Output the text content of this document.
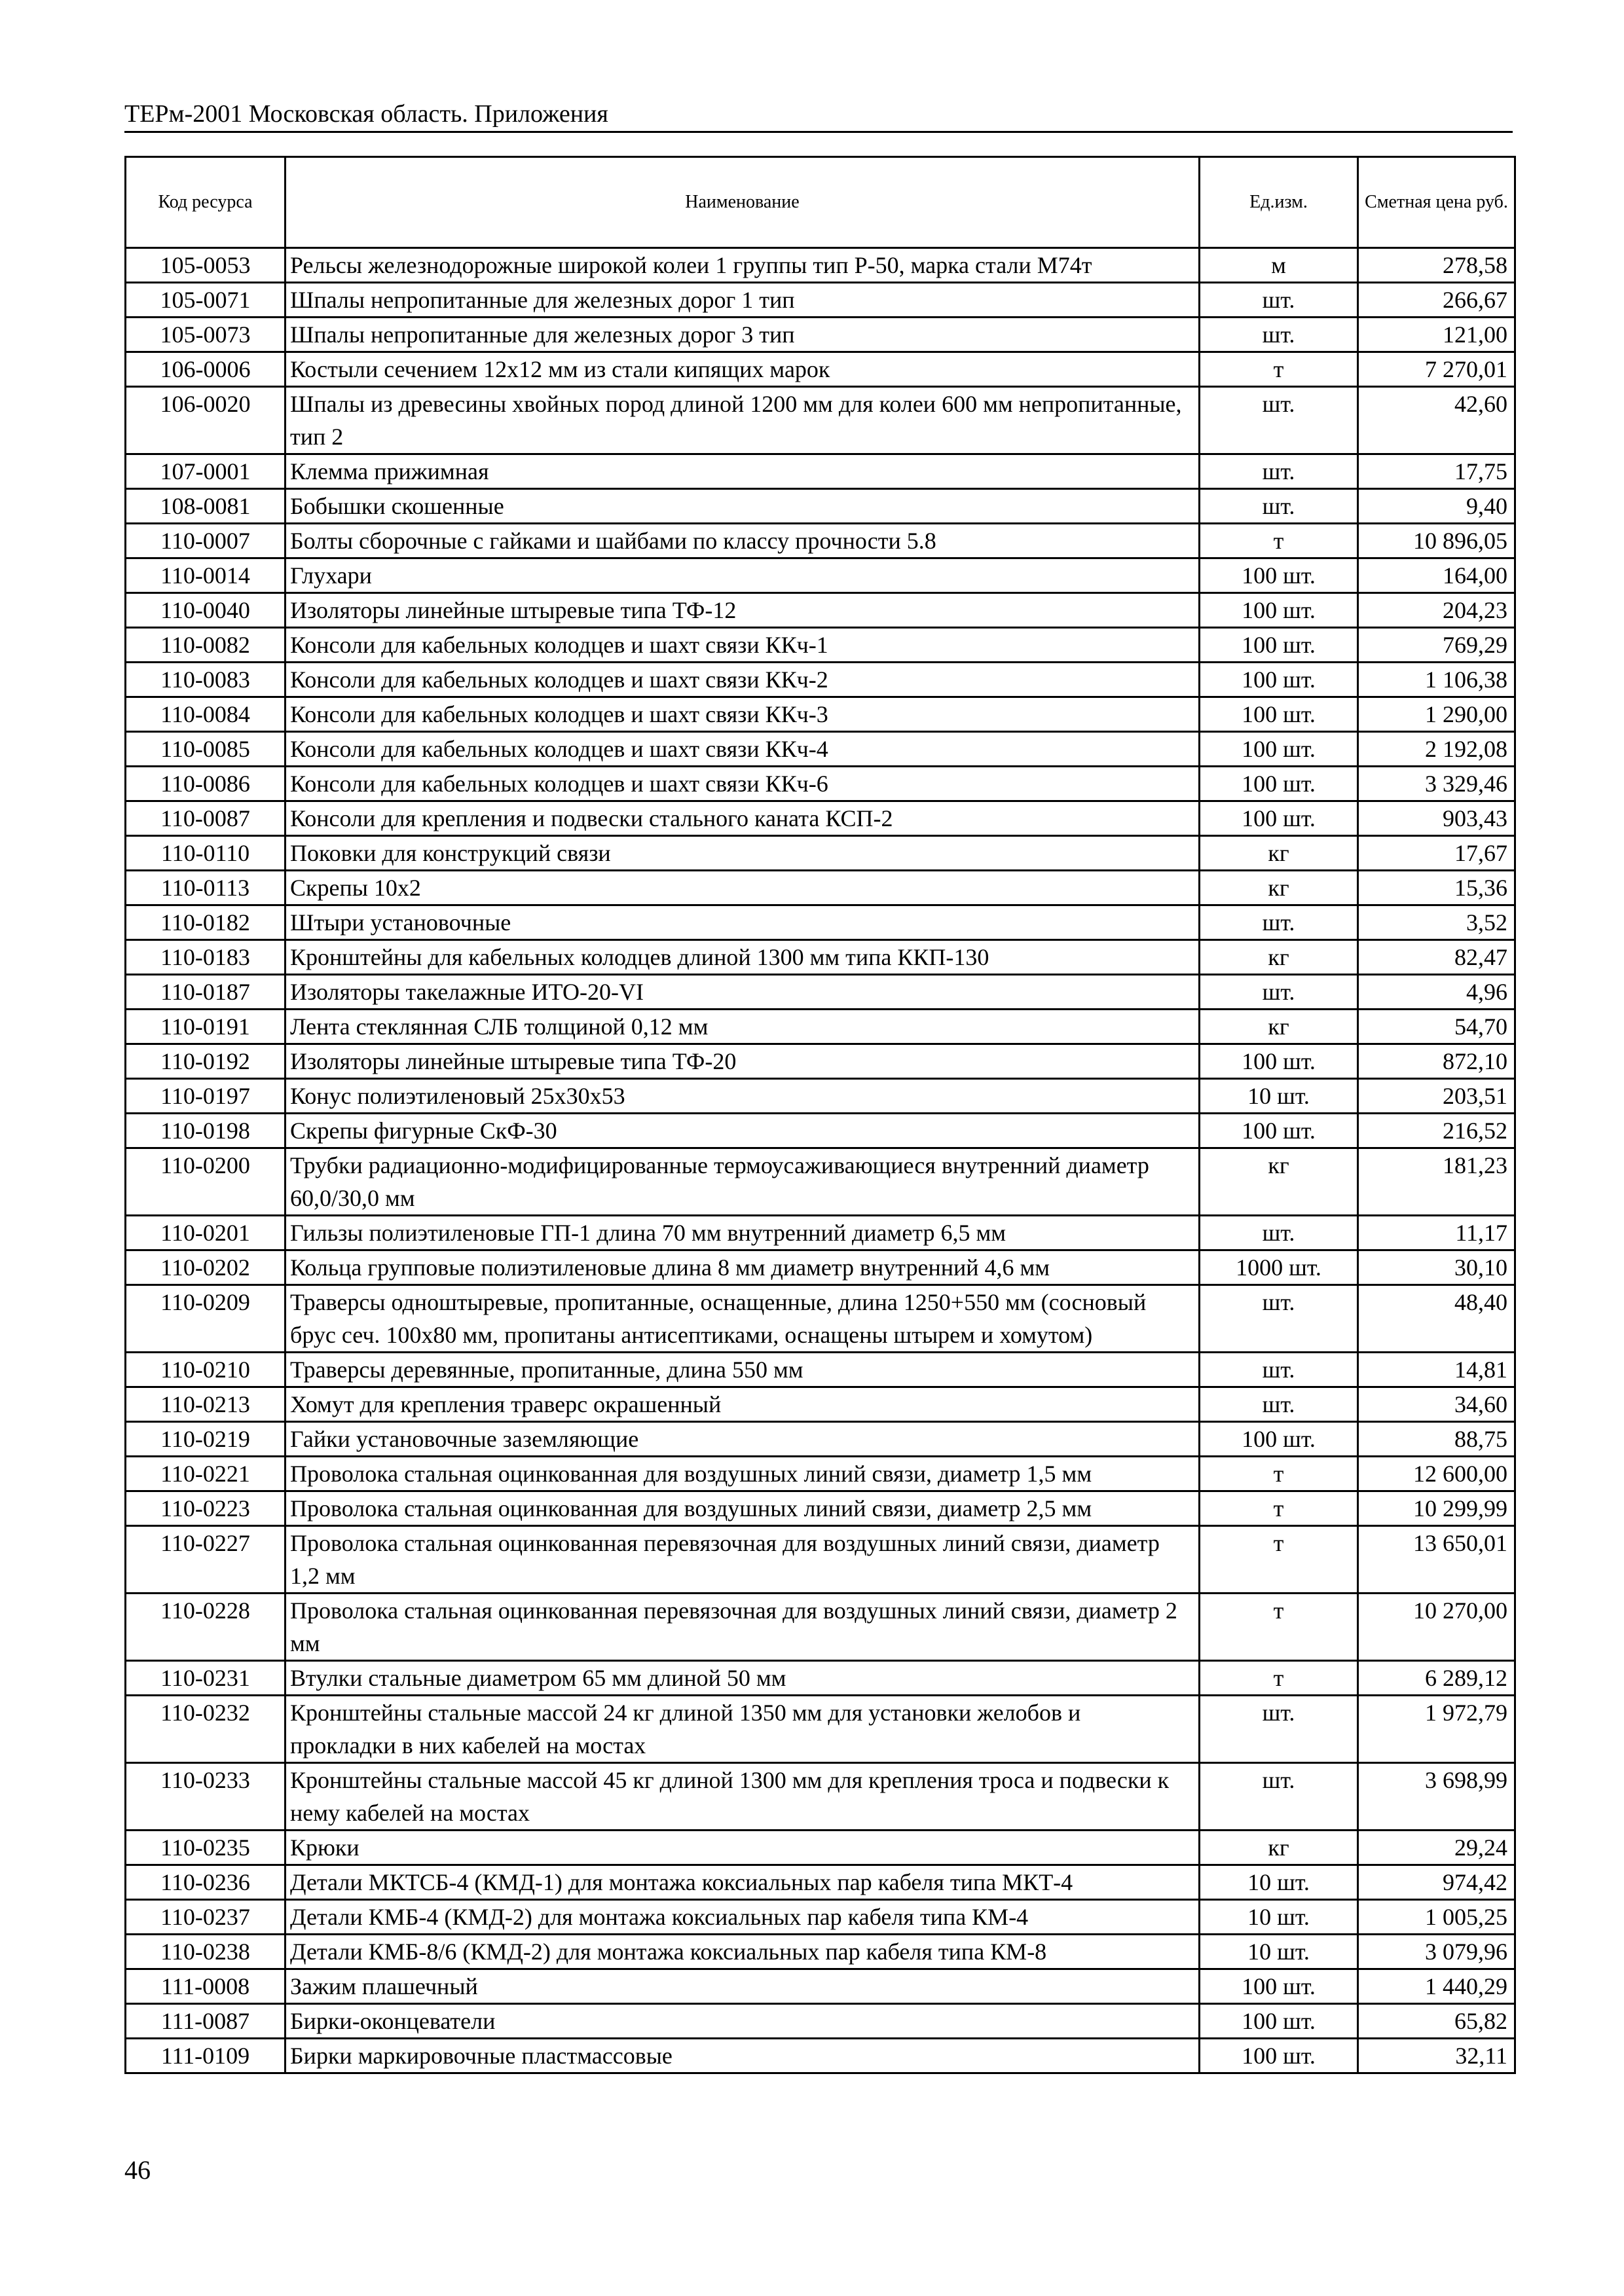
ТЕРм-2001 Московская область. Приложения
Код ресурса	Наименование	Ед.изм.	Сметная цена руб.
105-0053	Рельсы железнодорожные широкой колеи 1 группы тип Р-50, марка стали М74т	м	278,58
105-0071	Шпалы непропитанные для железных дорог 1 тип	шт.	266,67
105-0073	Шпалы непропитанные для железных дорог 3 тип	шт.	121,00
106-0006	Костыли сечением 12x12 мм из стали кипящих марок	т	7 270,01
106-0020	Шпалы из древесины хвойных пород длиной 1200 мм для колеи 600 мм непропитанные, тип 2	шт.	42,60
107-0001	Клемма прижимная	шт.	17,75
108-0081	Бобышки скошенные	шт.	9,40
110-0007	Болты сборочные с гайками и шайбами по классу прочности 5.8	т	10 896,05
110-0014	Глухари	100 шт.	164,00
110-0040	Изоляторы линейные штыревые типа ТФ-12	100 шт.	204,23
110-0082	Консоли для кабельных колодцев и шахт связи ККч-1	100 шт.	769,29
110-0083	Консоли для кабельных колодцев и шахт связи ККч-2	100 шт.	1 106,38
110-0084	Консоли для кабельных колодцев и шахт связи ККч-3	100 шт.	1 290,00
110-0085	Консоли для кабельных колодцев и шахт связи ККч-4	100 шт.	2 192,08
110-0086	Консоли для кабельных колодцев и шахт связи ККч-6	100 шт.	3 329,46
110-0087	Консоли для крепления и подвески стального каната КСП-2	100 шт.	903,43
110-0110	Поковки для конструкций связи	кг	17,67
110-0113	Скрепы 10x2	кг	15,36
110-0182	Штыри установочные	шт.	3,52
110-0183	Кронштейны для кабельных колодцев длиной 1300 мм типа ККП-130	кг	82,47
110-0187	Изоляторы такелажные ИТО-20-VI	шт.	4,96
110-0191	Лента стеклянная СЛБ толщиной 0,12 мм	кг	54,70
110-0192	Изоляторы линейные штыревые типа ТФ-20	100 шт.	872,10
110-0197	Конус полиэтиленовый 25x30x53	10 шт.	203,51
110-0198	Скрепы фигурные СкФ-30	100 шт.	216,52
110-0200	Трубки радиационно-модифицированные термоусаживающиеся внутренний диаметр 60,0/30,0 мм	кг	181,23
110-0201	Гильзы полиэтиленовые ГП-1 длина 70 мм внутренний диаметр 6,5 мм	шт.	11,17
110-0202	Кольца групповые полиэтиленовые длина 8 мм диаметр внутренний 4,6 мм	1000 шт.	30,10
110-0209	Траверсы одноштыревые, пропитанные, оснащенные, длина 1250+550 мм (сосновый брус сеч. 100x80 мм, пропитаны антисептиками, оснащены штырем и хомутом)	шт.	48,40
110-0210	Траверсы деревянные, пропитанные, длина 550 мм	шт.	14,81
110-0213	Хомут для крепления траверс окрашенный	шт.	34,60
110-0219	Гайки установочные заземляющие	100 шт.	88,75
110-0221	Проволока стальная оцинкованная для воздушных линий связи, диаметр 1,5 мм	т	12 600,00
110-0223	Проволока стальная оцинкованная для воздушных линий связи, диаметр 2,5 мм	т	10 299,99
110-0227	Проволока стальная оцинкованная перевязочная для воздушных линий связи, диаметр 1,2 мм	т	13 650,01
110-0228	Проволока стальная оцинкованная перевязочная для воздушных линий связи, диаметр 2 мм	т	10 270,00
110-0231	Втулки стальные диаметром 65 мм длиной 50 мм	т	6 289,12
110-0232	Кронштейны стальные массой 24 кг длиной 1350 мм для установки желобов и прокладки в них кабелей на мостах	шт.	1 972,79
110-0233	Кронштейны стальные массой 45 кг длиной 1300 мм для крепления троса и подвески к нему кабелей на мостах	шт.	3 698,99
110-0235	Крюки	кг	29,24
110-0236	Детали МКТСБ-4 (КМД-1) для монтажа коксиальных пар кабеля типа МКТ-4	10 шт.	974,42
110-0237	Детали КМБ-4 (КМД-2) для монтажа коксиальных пар кабеля типа КМ-4	10 шт.	1 005,25
110-0238	Детали КМБ-8/6 (КМД-2) для монтажа коксиальных пар кабеля типа КМ-8	10 шт.	3 079,96
111-0008	Зажим плашечный	100 шт.	1 440,29
111-0087	Бирки-оконцеватели	100 шт.	65,82
111-0109	Бирки маркировочные пластмассовые	100 шт.	32,11
46
